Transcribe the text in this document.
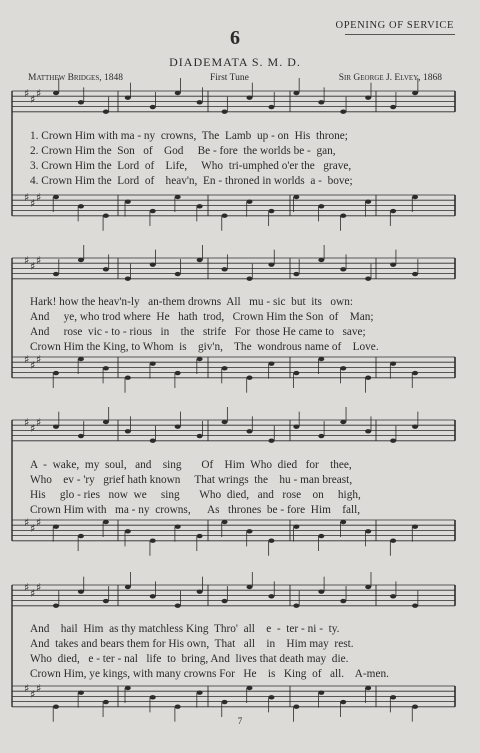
OPENING OF SERVICE
6
DIADEMATA S. M. D.
Matthew Bridges, 1848	First Tune	Sir George J. Elvey, 1868
♯ ♯ ♯
♯ ♯ ♯
♯ ♯ ♯
♯ ♯ ♯
♯ ♯ ♯
♯ ♯ ♯
♯ ♯ ♯
♯ ♯ ♯
1. Crown Him with ma - ny  crowns,  The  Lamb  up - on  His  throne;
2. Crown Him the  Son   of    God     Be - fore  the worlds be -  gan,
3. Crown Him the  Lord  of    Life,     Who  tri-umphed o'er the   grave,
4. Crown Him the  Lord  of    heav'n,  En - throned in worlds  a -  bove;
Hark! how the heav'n-ly   an-them drowns  All   mu - sic  but  its   own:
And     ye, who trod where  He   hath  trod,   Crown Him the Son  of    Man;
And     rose  vic - to - rious   in    the   strife   For  those He came to   save;
Crown Him the King, to Whom  is    giv'n,    The  wondrous name of    Love.
A  -  wake,  my  soul,   and    sing       Of    Him  Who  died   for    thee,
Who    ev - 'ry   grief hath known     That wrings  the    hu - man breast,
His     glo - ries   now  we     sing       Who  died,   and   rose    on     high,
Crown Him with   ma - ny  crowns,      As   thrones  be - fore  Him    fall,
And    hail  Him  as thy matchless King  Thro'  all    e  -  ter - ni -  ty.
And  takes and bears them for His own,  That   all    in    Him may  rest.
Who  died,   e - ter - nal   life  to  bring, And  lives that death may  die.
Crown Him, ye kings, with many crowns For   He    is   King  of   all.    A-men.
7
